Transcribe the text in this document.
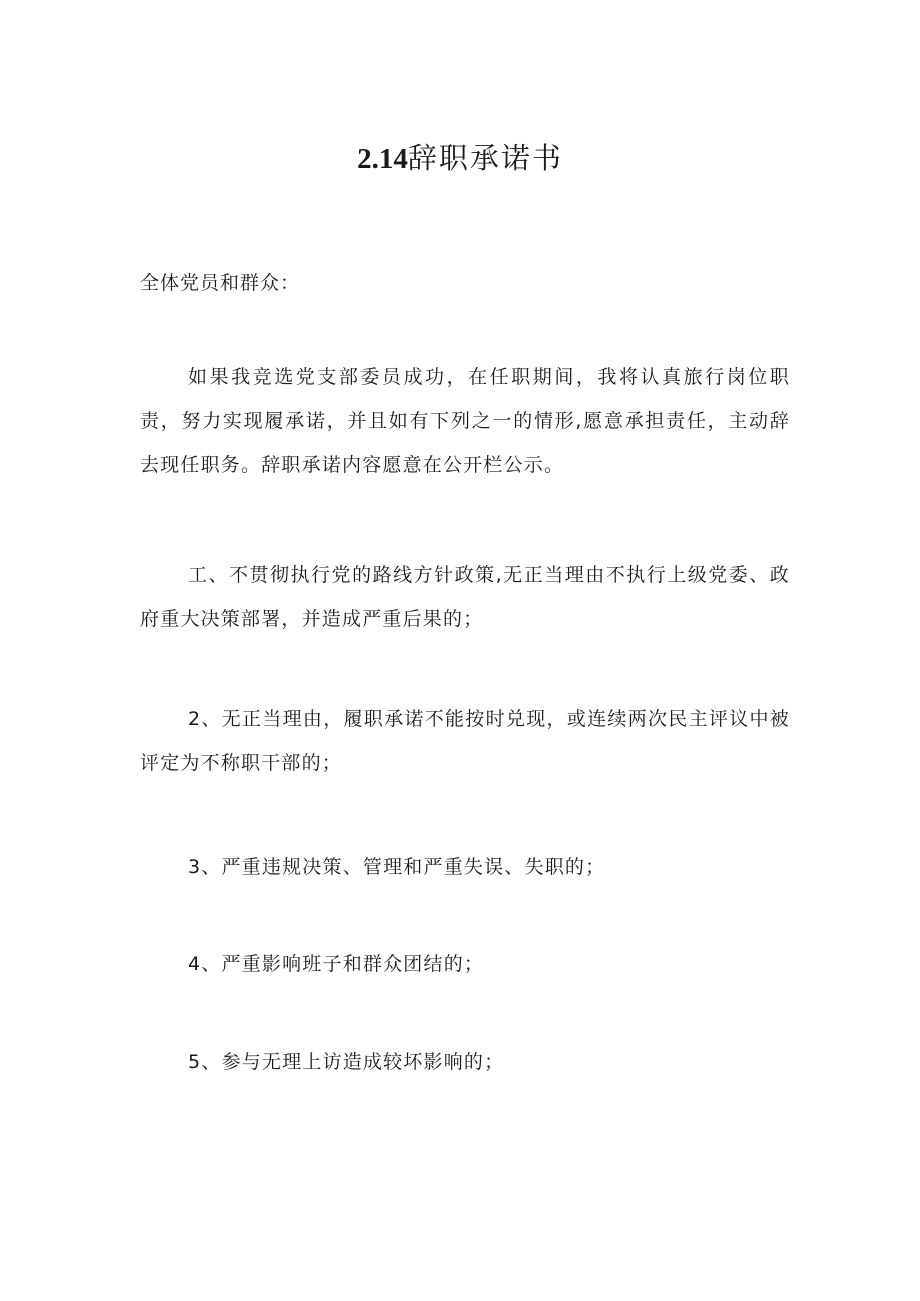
2.14辞职承诺书
全体党员和群众：

如果我竞选党支部委员成功，在任职期间，我将认真旅行岗位职责，努力实现履承诺，并且如有下列之一的情形,愿意承担责任，主动辞去现任职务。辞职承诺内容愿意在公开栏公示。

工、不贯彻执行党的路线方针政策,无正当理由不执行上级党委、政府重大决策部署，并造成严重后果的；

2、无正当理由，履职承诺不能按时兑现，或连续两次民主评议中被评定为不称职干部的；

3、严重违规决策、管理和严重失误、失职的；

4、严重影响班子和群众团结的；

5、参与无理上访造成较坏影响的；
